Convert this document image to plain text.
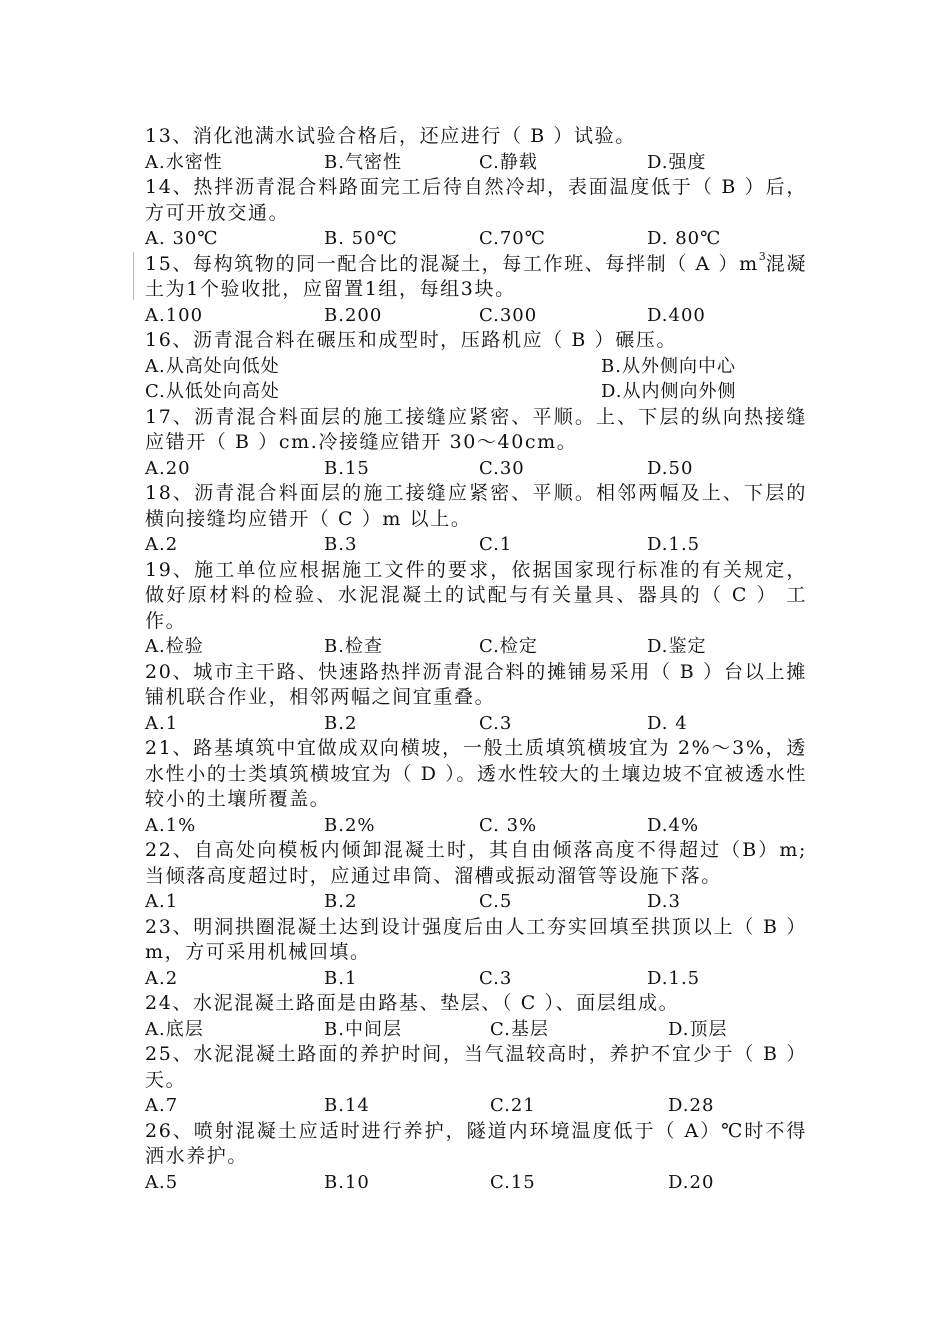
13、消化池满水试验合格后，还应进行（ B ）试验。
A.水密性	B.气密性	C.静载	D.强度
14、热拌沥青混合料路面完工后待自然冷却，表面温度低于（ B ）后，方可开放交通。
A. 30℃	B. 50℃	C.70℃	D. 80℃
15、每构筑物的同一配合比的混凝土，每工作班、每拌制（ A ）$m^3$混凝土为1个验收批，应留置1组，每组3块。
A.100	B.200	C.300	D.400
16、沥青混合料在碾压和成型时，压路机应（ B ）碾压。
A.从高处向低处	B.从外侧向中心
C.从低处向高处	D.从内侧向外侧
17、沥青混合料面层的施工接缝应紧密、平顺。上、下层的纵向热接缝应错开（ B ）cm.冷接缝应错开 30～40cm。
A.20	B.15	C.30	D.50
18、沥青混合料面层的施工接缝应紧密、平顺。相邻两幅及上、下层的横向接缝均应错开（ C ）m 以上。
A.2	B.3	C.1	D.1.5
19、施工单位应根据施工文件的要求，依据国家现行标准的有关规定，做好原材料的检验、水泥混凝土的试配与有关量具、器具的（ C ） 工作。
A.检验	B.检查	C.检定	D.鉴定
20、城市主干路、快速路热拌沥青混合料的摊铺易采用（ B ）台以上摊铺机联合作业，相邻两幅之间宜重叠。
A.1	B.2	C.3	D. 4
21、路基填筑中宜做成双向横坡，一般土质填筑横坡宜为 2%～3%，透水性小的士类填筑横坡宜为（ D ）。透水性较大的土壤边坡不宜被透水性较小的土壤所覆盖。
A.1%	B.2%	C. 3%	D.4%
22、自高处向模板内倾卸混凝土时，其自由倾落高度不得超过（B）m; 当倾落高度超过时，应通过串筒、溜槽或振动溜管等设施下落。
A.1	B.2	C.5	D.3
23、明洞拱圈混凝土达到设计强度后由人工夯实回填至拱顶以上（ B ）m，方可采用机械回填。
A.2	B.1	C.3	D.1.5
24、水泥混凝土路面是由路基、垫层、（ C ）、面层组成。
A.底层	B.中间层	C.基层	D.顶层
25、水泥混凝土路面的养护时间，当气温较高时，养护不宜少于（ B ）天。
A.7	B.14	C.21	D.28
26、喷射混凝土应适时进行养护，隧道内环境温度低于（ A）℃时不得洒水养护。
A.5	B.10	C.15	D.20
